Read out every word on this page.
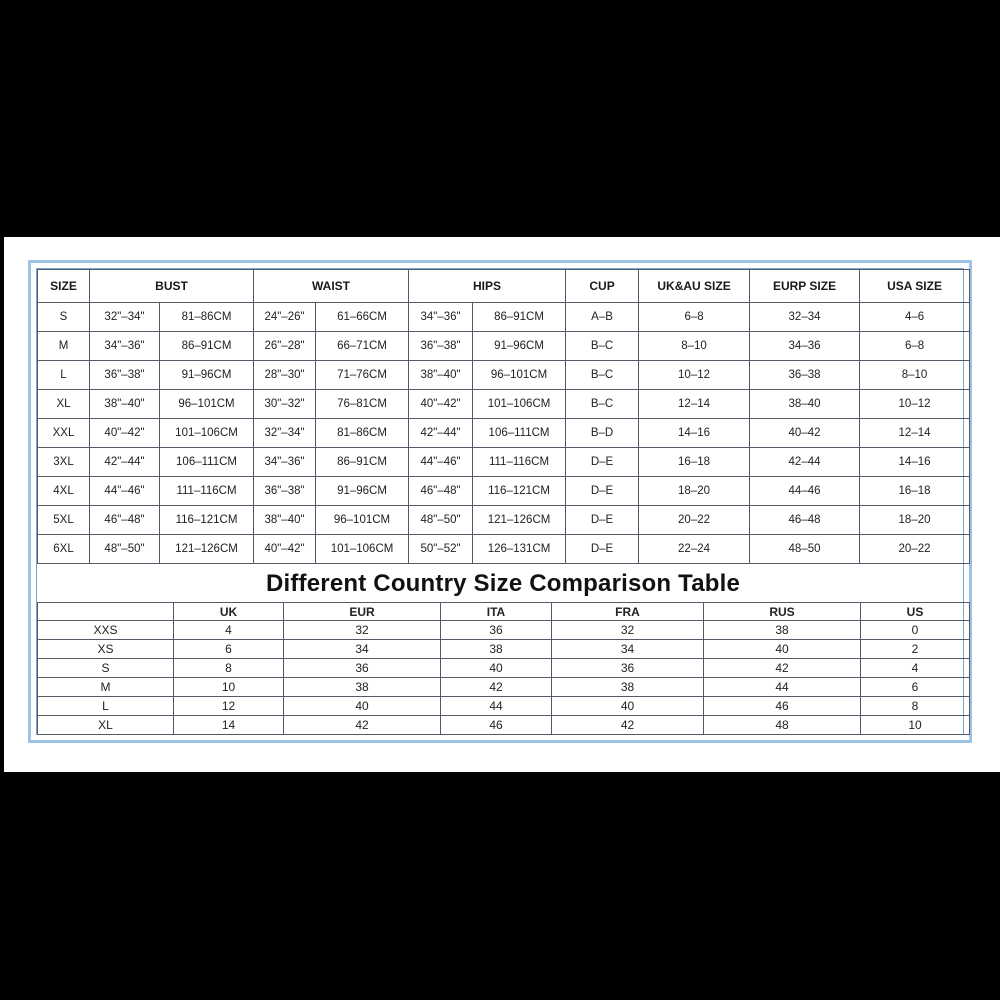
SIZE	BUST		WAIST		HIPS		CUP	UK&AU SIZE	EURP SIZE	USA SIZE
S	32"–34"	81–86CM	24"–26"	61–66CM	34"–36"	86–91CM	A–B	6–8	32–34	4–6
M	34"–36"	86–91CM	26"–28"	66–71CM	36"–38"	91–96CM	B–C	8–10	34–36	6–8
L	36"–38"	91–96CM	28"–30"	71–76CM	38"–40"	96–101CM	B–C	10–12	36–38	8–10
XL	38"–40"	96–101CM	30"–32"	76–81CM	40"–42"	101–106CM	B–C	12–14	38–40	10–12
XXL	40"–42"	101–106CM	32"–34"	81–86CM	42"–44"	106–111CM	B–D	14–16	40–42	12–14
3XL	42"–44"	106–111CM	34"–36"	86–91CM	44"–46"	111–116CM	D–E	16–18	42–44	14–16
4XL	44"–46"	111–116CM	36"–38"	91–96CM	46"–48"	116–121CM	D–E	18–20	44–46	16–18
5XL	46"–48"	116–121CM	38"–40"	96–101CM	48"–50"	121–126CM	D–E	20–22	46–48	18–20
6XL	48"–50"	121–126CM	40"–42"	101–106CM	50"–52"	126–131CM	D–E	22–24	48–50	20–22
Different Country Size Comparison Table
	UK	EUR	ITA	FRA	RUS	US
XXS	4	32	36	32	38	0
XS	6	34	38	34	40	2
S	8	36	40	36	42	4
M	10	38	42	38	44	6
L	12	40	44	40	46	8
XL	14	42	46	42	48	10
